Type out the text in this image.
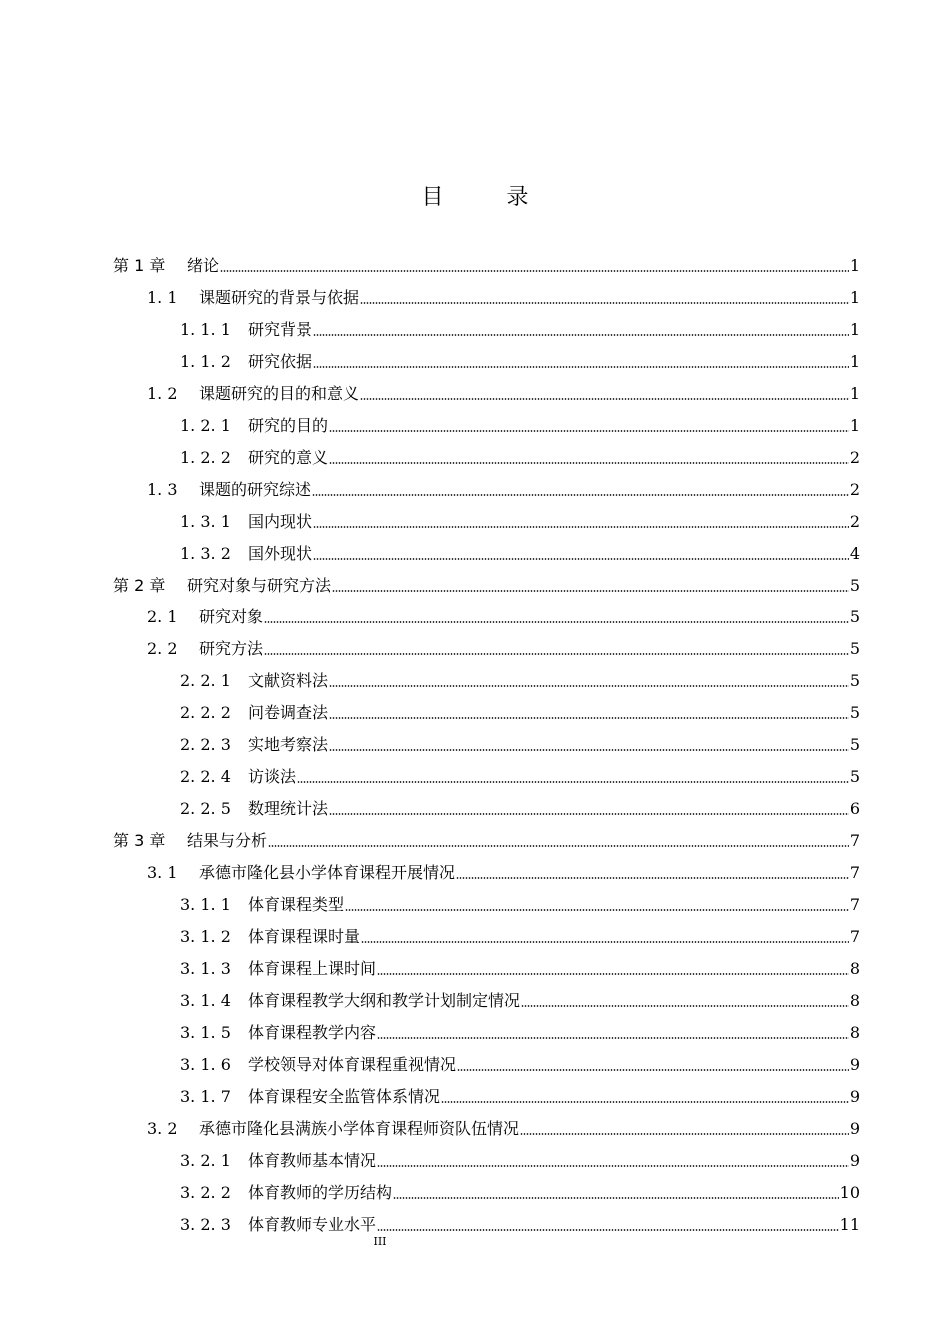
目 录
第 1 章 绪论	1
1. 1 课题研究的背景与依据	1
1. 1. 1 研究背景	1
1. 1. 2 研究依据	1
1. 2 课题研究的目的和意义	1
1. 2. 1 研究的目的	1
1. 2. 2 研究的意义	2
1. 3 课题的研究综述	2
1. 3. 1 国内现状	2
1. 3. 2 国外现状	4
第 2 章 研究对象与研究方法	5
2. 1 研究对象	5
2. 2 研究方法	5
2. 2. 1 文献资料法	5
2. 2. 2 问卷调查法	5
2. 2. 3 实地考察法	5
2. 2. 4 访谈法	5
2. 2. 5 数理统计法	6
第 3 章 结果与分析	7
3. 1 承德市隆化县小学体育课程开展情况	7
3. 1. 1 体育课程类型	7
3. 1. 2 体育课程课时量	7
3. 1. 3 体育课程上课时间	8
3. 1. 4 体育课程教学大纲和教学计划制定情况	8
3. 1. 5 体育课程教学内容	8
3. 1. 6 学校领导对体育课程重视情况	9
3. 1. 7 体育课程安全监管体系情况	9
3. 2 承德市隆化县满族小学体育课程师资队伍情况	9
3. 2. 1 体育教师基本情况	9
3. 2. 2 体育教师的学历结构	10
3. 2. 3 体育教师专业水平	11
III
